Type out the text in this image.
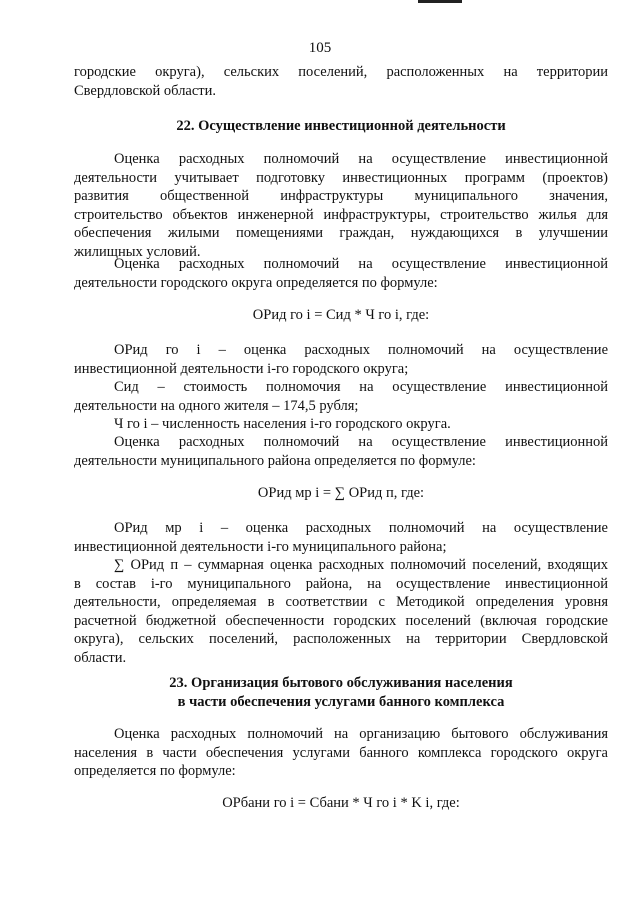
105
городские округа), сельских поселений, расположенных на территории
Свердловской области.
22. Осуществление инвестиционной деятельности
Оценка расходных полномочий на осуществление инвестиционной
деятельности учитывает подготовку инвестиционных программ (проектов)
развития общественной инфраструктуры муниципального значения,
строительство объектов инженерной инфраструктуры, строительство жилья для
обеспечения жилыми помещениями граждан, нуждающихся в улучшении
жилищных условий.
Оценка расходных полномочий на осуществление инвестиционной
деятельности городского округа определяется по формуле:
ОРид го i = Сид * Ч го i, где:
ОРид го i – оценка расходных полномочий на осуществление
инвестиционной деятельности i-го городского округа;
Сид – стоимость полномочия на осуществление инвестиционной
деятельности на одного жителя – 174,5 рубля;
Ч го i – численность населения i-го городского округа.
Оценка расходных полномочий на осуществление инвестиционной
деятельности муниципального района определяется по формуле:
ОРид мр i = ∑ ОРид п, где:
ОРид мр i – оценка расходных полномочий на осуществление
инвестиционной деятельности i-го муниципального района;
∑ ОРид п – суммарная оценка расходных полномочий поселений, входящих
в состав i-го муниципального района, на осуществление инвестиционной
деятельности, определяемая в соответствии с Методикой определения уровня
расчетной бюджетной обеспеченности городских поселений (включая городские
округа), сельских поселений, расположенных на территории Свердловской
области.
23. Организация бытового обслуживания населения
в части обеспечения услугами банного комплекса
Оценка расходных полномочий на организацию бытового обслуживания
населения в части обеспечения услугами банного комплекса городского округа
определяется по формуле:
ОРбани го i = Сбани * Ч го i * K i, где:
